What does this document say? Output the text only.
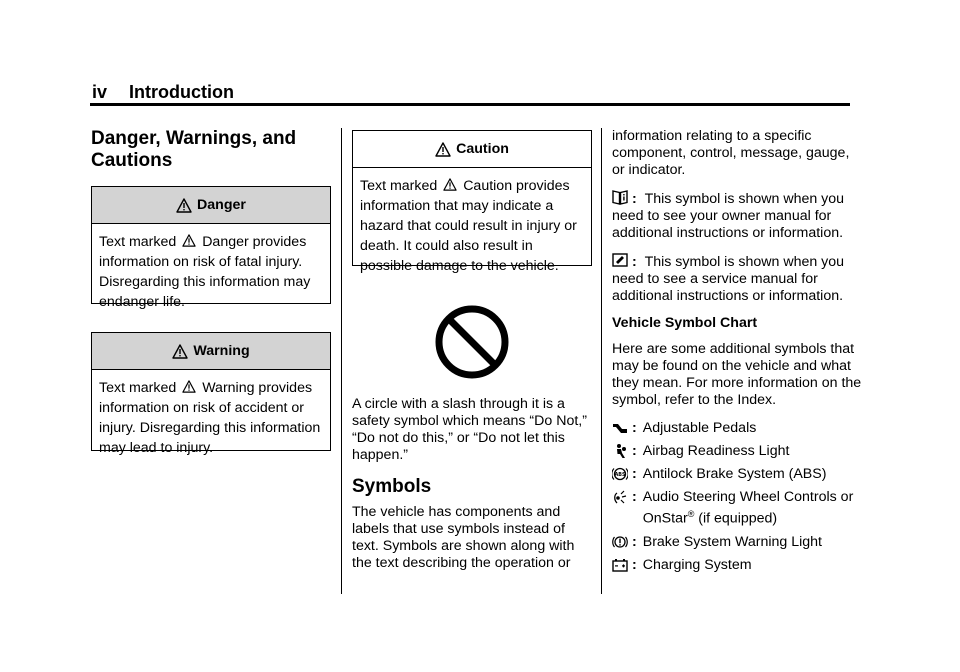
iv Introduction
Danger, Warnings, and
Cautions
Danger
Text marked Danger provides information on risk of fatal injury. Disregarding this information may endanger life.
Warning
Text marked Warning provides information on risk of accident or injury. Disregarding this information may lead to injury.
Caution
Text marked Caution provides information that may indicate a hazard that could result in injury or death. It could also result in possible damage to the vehicle.

A circle with a slash through it is a safety symbol which means “Do Not,” “Do not do this,” or “Do not let this happen.”

Symbols

The vehicle has components and labels that use symbols instead of text. Symbols are shown along with the text describing the operation or

information relating to a specific component, control, message, gauge, or indicator.

:  This symbol is shown when you need to see your owner manual for additional instructions or information.

:  This symbol is shown when you need to see a service manual for additional instructions or information.

Vehicle Symbol Chart

Here are some additional symbols that may be found on the vehicle and what they mean. For more information on the symbol, refer to the Index.

: Adjustable Pedals
: Airbag Readiness Light
ABS : Antilock Brake System (ABS)
: Audio Steering Wheel Controls or OnStar® (if equipped)
: Brake System Warning Light
: Charging System
